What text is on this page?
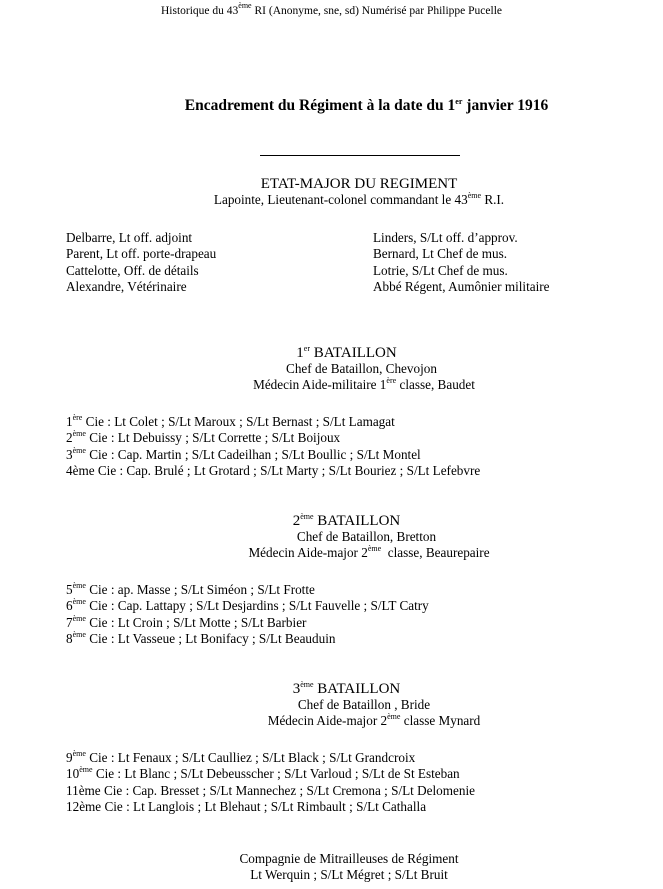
Historique du 43ème RI (Anonyme, sne, sd) Numérisé par Philippe Pucelle
Encadrement du Régiment à la date du 1er janvier 1916
ETAT-MAJOR DU REGIMENT
Lapointe, Lieutenant-colonel commandant le 43ème R.I.
Delbarre, Lt off. adjoint
Parent, Lt off. porte-drapeau
Cattelotte, Off. de détails
Alexandre, Vétérinaire
Linders, S/Lt off. d’approv.
Bernard, Lt Chef de mus.
Lotrie, S/Lt Chef de mus.
Abbé Régent, Aumônier militaire
1er BATAILLON
Chef de Bataillon, Chevojon
Médecin Aide-militaire 1ère classe, Baudet
1ère Cie : Lt Colet ; S/Lt Maroux ; S/Lt Bernast ; S/Lt Lamagat
2ème Cie : Lt Debuissy ; S/Lt Corrette ; S/Lt Boijoux
3ème Cie : Cap. Martin ; S/Lt Cadeilhan ; S/Lt Boullic ; S/Lt Montel
4ème Cie : Cap. Brulé ; Lt Grotard ; S/Lt Marty ; S/Lt Bouriez ; S/Lt Lefebvre
2ème BATAILLON
Chef de Bataillon, Bretton
Médecin Aide-major 2ème  classe, Beaurepaire
5ème Cie : ap. Masse ; S/Lt Siméon ; S/Lt Frotte
6ème Cie : Cap. Lattapy ; S/Lt Desjardins ; S/Lt Fauvelle ; S/LT Catry
7ème Cie : Lt Croin ; S/Lt Motte ; S/Lt Barbier
8ème Cie : Lt Vasseue ; Lt Bonifacy ; S/Lt Beauduin
3ème BATAILLON
Chef de Bataillon , Bride
Médecin Aide-major 2ème classe Mynard
9ème Cie : Lt Fenaux ; S/Lt Caulliez ; S/Lt Black ; S/Lt Grandcroix
10ème Cie : Lt Blanc ; S/Lt Debeusscher ; S/Lt Varloud ; S/Lt de St Esteban
11ème Cie : Cap. Bresset ; S/Lt Mannechez ; S/Lt Cremona ; S/Lt Delomenie
12ème Cie : Lt Langlois ; Lt Blehaut ; S/Lt Rimbault ; S/Lt Cathalla
Compagnie de Mitrailleuses de Régiment
Lt Werquin ; S/Lt Mégret ; S/Lt Bruit
